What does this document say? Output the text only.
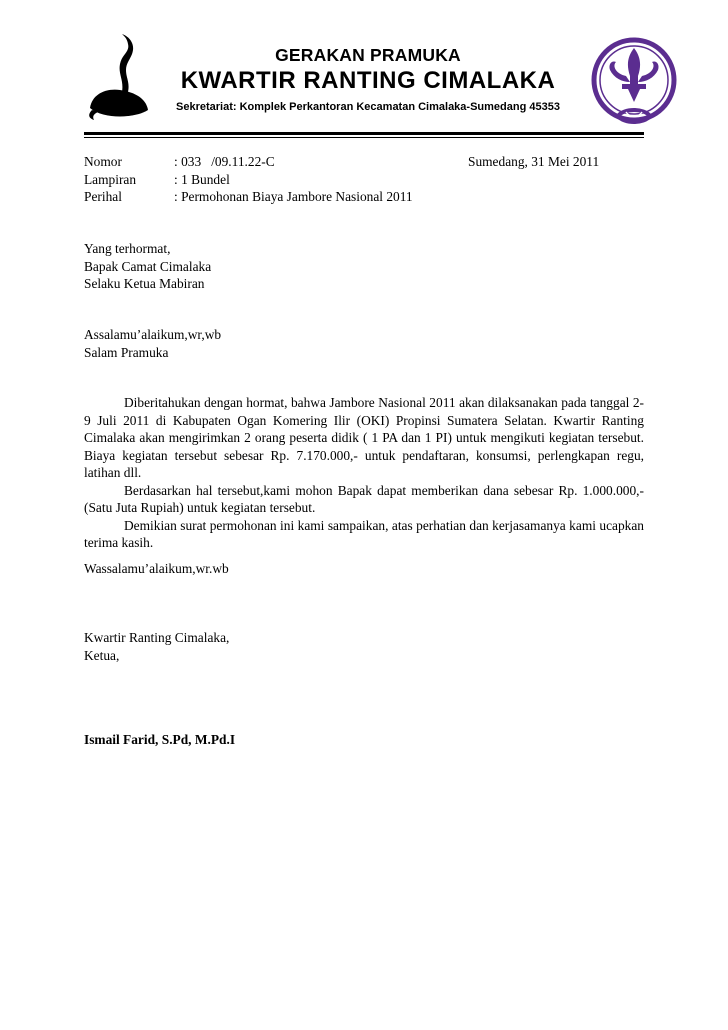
GERAKAN PRAMUKA
KWARTIR RANTING CIMALAKA
Sekretariat: Komplek Perkantoran Kecamatan Cimalaka-Sumedang 45353
Nomor	: 033   /09.11.22-C	Sumedang, 31 Mei 2011
Lampiran	: 1 Bundel
Perihal	: Permohonan Biaya Jambore Nasional 2011
Yang terhormat,
Bapak Camat Cimalaka
Selaku Ketua Mabiran
Assalamu’alaikum,wr,wb
Salam Pramuka
Diberitahukan dengan hormat, bahwa Jambore Nasional 2011 akan dilaksanakan pada tanggal 2-9 Juli 2011 di Kabupaten Ogan Komering Ilir (OKI) Propinsi Sumatera Selatan. Kwartir Ranting Cimalaka akan mengirimkan 2 orang peserta didik ( 1 PA dan 1 PI) untuk mengikuti kegiatan tersebut. Biaya kegiatan tersebut sebesar Rp. 7.170.000,- untuk pendaftaran, konsumsi, perlengkapan regu, latihan dll.
Berdasarkan hal tersebut,kami mohon Bapak dapat memberikan dana sebesar Rp. 1.000.000,- (Satu Juta Rupiah) untuk kegiatan tersebut.
Demikian surat permohonan ini kami sampaikan, atas perhatian dan kerjasamanya kami ucapkan terima kasih.
Wassalamu’alaikum,wr.wb
Kwartir Ranting Cimalaka,
Ketua,
Ismail Farid, S.Pd, M.Pd.I
